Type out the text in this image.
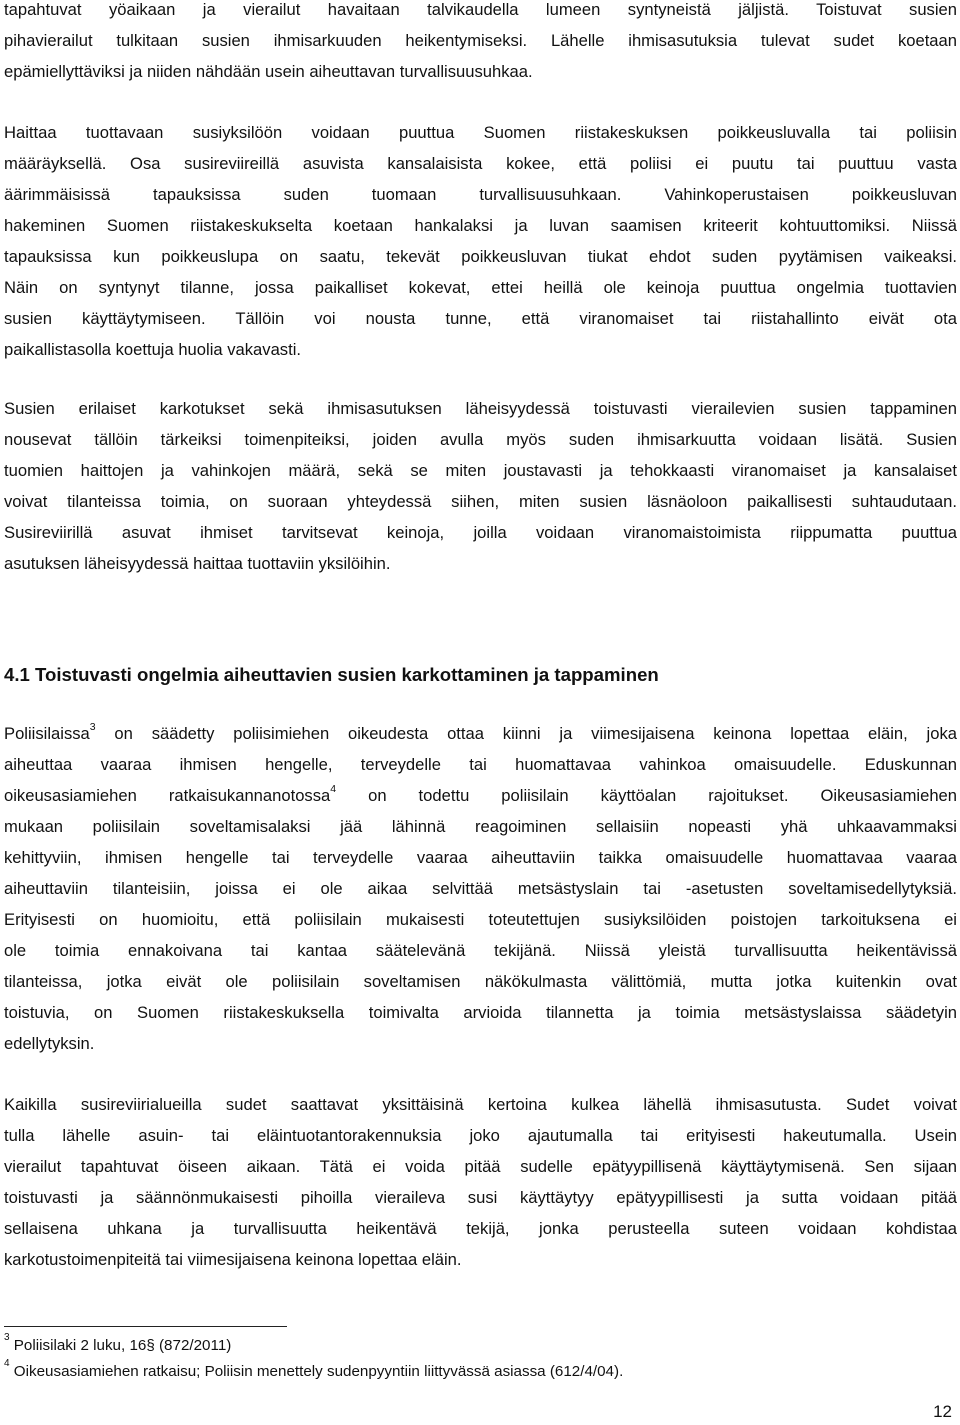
tapahtuvat yöaikaan ja vierailut havaitaan talvikaudella lumeen syntyneistä jäljistä. Toistuvat susien
pihavierailut tulkitaan susien ihmisarkuuden heikentymiseksi. Lähelle ihmisasutuksia tulevat sudet koetaan
epämiellyttäviksi ja niiden nähdään usein aiheuttavan turvallisuusuhkaa.

Haittaa tuottavaan susiyksilöön voidaan puuttua Suomen riistakeskuksen poikkeusluvalla tai poliisin
määräyksellä. Osa susireviireillä asuvista kansalaisista kokee, että poliisi ei puutu tai puuttuu vasta
äärimmäisissä tapauksissa suden tuomaan turvallisuusuhkaan. Vahinkoperustaisen poikkeusluvan
hakeminen Suomen riistakeskukselta koetaan hankalaksi ja luvan saamisen kriteerit kohtuuttomiksi. Niissä
tapauksissa kun poikkeuslupa on saatu, tekevät poikkeusluvan tiukat ehdot suden pyytämisen vaikeaksi.
Näin on syntynyt tilanne, jossa paikalliset kokevat, ettei heillä ole keinoja puuttua ongelmia tuottavien
susien käyttäytymiseen. Tällöin voi nousta tunne, että viranomaiset tai riistahallinto eivät ota
paikallistasolla koettuja huolia vakavasti.

Susien erilaiset karkotukset sekä ihmisasutuksen läheisyydessä toistuvasti vierailevien susien tappaminen
nousevat tällöin tärkeiksi toimenpiteiksi, joiden avulla myös suden ihmisarkuutta voidaan lisätä. Susien
tuomien haittojen ja vahinkojen määrä, sekä se miten joustavasti ja tehokkaasti viranomaiset ja kansalaiset
voivat tilanteissa toimia, on suoraan yhteydessä siihen, miten susien läsnäoloon paikallisesti suhtaudutaan.
Susireviirillä asuvat ihmiset tarvitsevat keinoja, joilla voidaan viranomaistoimista riippumatta puuttua
asutuksen läheisyydessä haittaa tuottaviin yksilöihin.

4.1 Toistuvasti ongelmia aiheuttavien susien karkottaminen ja tappaminen

Poliisilaissa$^3$ on säädetty poliisimiehen oikeudesta ottaa kiinni ja viimesijaisena keinona lopettaa eläin, joka
aiheuttaa vaaraa ihmisen hengelle, terveydelle tai huomattavaa vahinkoa omaisuudelle. Eduskunnan
oikeusasiamiehen ratkaisukannanotossa$^4$ on todettu poliisilain käyttöalan rajoitukset. Oikeusasiamiehen
mukaan poliisilain soveltamisalaksi jää lähinnä reagoiminen sellaisiin nopeasti yhä uhkaavammaksi
kehittyviin, ihmisen hengelle tai terveydelle vaaraa aiheuttaviin taikka omaisuudelle huomattavaa vaaraa
aiheuttaviin tilanteisiin, joissa ei ole aikaa selvittää metsästyslain tai -asetusten soveltamisedellytyksiä.
Erityisesti on huomioitu, että poliisilain mukaisesti toteutettujen susiyksilöiden poistojen tarkoituksena ei
ole toimia ennakoivana tai kantaa säätelevänä tekijänä. Niissä yleistä turvallisuutta heikentävissä
tilanteissa, jotka eivät ole poliisilain soveltamisen näkökulmasta välittömiä, mutta jotka kuitenkin ovat
toistuvia, on Suomen riistakeskuksella toimivalta arvioida tilannetta ja toimia metsästyslaissa säädetyin
edellytyksin.

Kaikilla susireviirialueilla sudet saattavat yksittäisinä kertoina kulkea lähellä ihmisasutusta. Sudet voivat
tulla lähelle asuin- tai eläintuotantorakennuksia joko ajautumalla tai erityisesti hakeutumalla. Usein
vierailut tapahtuvat öiseen aikaan. Tätä ei voida pitää sudelle epätyypillisenä käyttäytymisenä. Sen sijaan
toistuvasti ja säännönmukaisesti pihoilla vieraileva susi käyttäytyy epätyypillisesti ja sutta voidaan pitää
sellaisena uhkana ja turvallisuutta heikentävä tekijä, jonka perusteella suteen voidaan kohdistaa
karkotustoimenpiteitä tai viimesijaisena keinona lopettaa eläin.

$^3$ Poliisilaki 2 luku, 16§ (872/2011)
$^4$ Oikeusasiamiehen ratkaisu; Poliisin menettely sudenpyyntiin liittyvässä asiassa (612/4/04).
12
